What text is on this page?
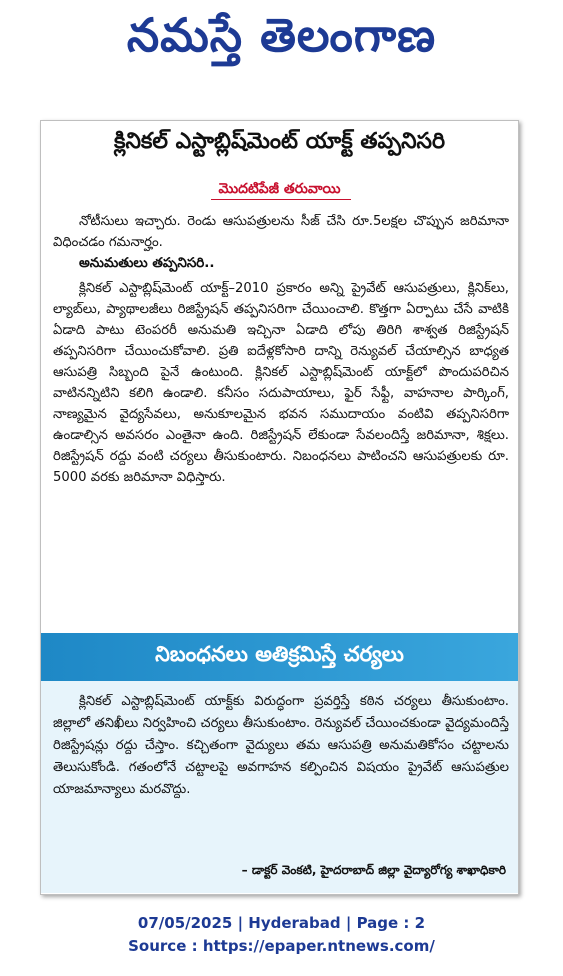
నమస్తే తెలంగాణ
క్లినికల్ ఎస్టాబ్లిష్‌మెంట్ యాక్ట్ తప్పనిసరి
మొదటిపేజీ తరువాయి

నోటీసులు ఇచ్చారు. రెండు ఆసుపత్రులను సీజ్ చేసి రూ.5లక్షల చొప్పున జరిమానా విధించడం గమనార్హం.

అనుమతులు తప్పనిసరి..

క్లినికల్ ఎస్టాబ్లిష్‌మెంట్ యాక్ట్–2010 ప్రకారం అన్ని ప్రైవేట్ ఆసుపత్రులు, క్లినిక్‌లు, ల్యాబ్‌లు, ప్యాథాలజీలు రిజిస్ట్రేషన్ తప్పనిసరిగా చేయించాలి. కొత్తగా ఏర్పాటు చేసే వాటికి ఏడాది పాటు టెంపరరీ అనుమతి ఇచ్చినా ఏడాది లోపు తిరిగి శాశ్వత రిజిస్ట్రేషన్ తప్పనిసరిగా చేయించుకోవాలి. ప్రతి ఐదేళ్లకోసారి దాన్ని రెన్యువల్ చేయాల్సిన బాధ్యత ఆసుపత్రి సిబ్బంది పైనే ఉంటుంది. క్లినికల్ ఎస్టాబ్లిష్‌మెంట్ యాక్ట్‌లో పొందుపరిచిన వాటినన్నిటిని కలిగి ఉండాలి. కనీసం సదుపాయాలు, ఫైర్ సేఫ్టీ, వాహనాల పార్కింగ్, నాణ్యమైన వైద్యసేవలు, అనుకూలమైన భవన సముదాయం వంటివి తప్పనిసరిగా ఉండాల్సిన అవసరం ఎంతైనా ఉంది. రిజిస్ట్రేషన్ లేకుండా సేవలందిస్తే జరిమానా, శిక్షలు. రిజిస్ట్రేషన్ రద్దు వంటి చర్యలు తీసుకుంటారు. నిబంధనలు పాటించని ఆసుపత్రులకు రూ. 5000 వరకు జరిమానా విధిస్తారు.

నిబంధనలు అతిక్రమిస్తే చర్యలు

క్లినికల్ ఎస్టాబ్లిష్‌మెంట్ యాక్ట్‌కు విరుద్ధంగా ప్రవర్తిస్తే కఠిన చర్యలు తీసుకుంటాం. జిల్లాలో తనిఖీలు నిర్వహించి చర్యలు తీసుకుంటాం. రెన్యువల్ చేయించకుండా వైద్యమందిస్తే రిజిస్ట్రేషన్లు రద్దు చేస్తాం. కచ్చితంగా వైద్యులు తమ ఆసుపత్రి అనుమతికోసం చట్టాలను తెలుసుకోండి. గతంలోనే చట్టాలపై అవగాహన కల్పించిన విషయం ప్రైవేట్ ఆసుపత్రుల యాజమాన్యాలు మరవొద్దు.

– డాక్టర్ వెంకటి, హైదరాబాద్ జిల్లా వైద్యారోగ్య శాఖాధికారి
07/05/2025 | Hyderabad | Page : 2
Source : https://epaper.ntnews.com/
